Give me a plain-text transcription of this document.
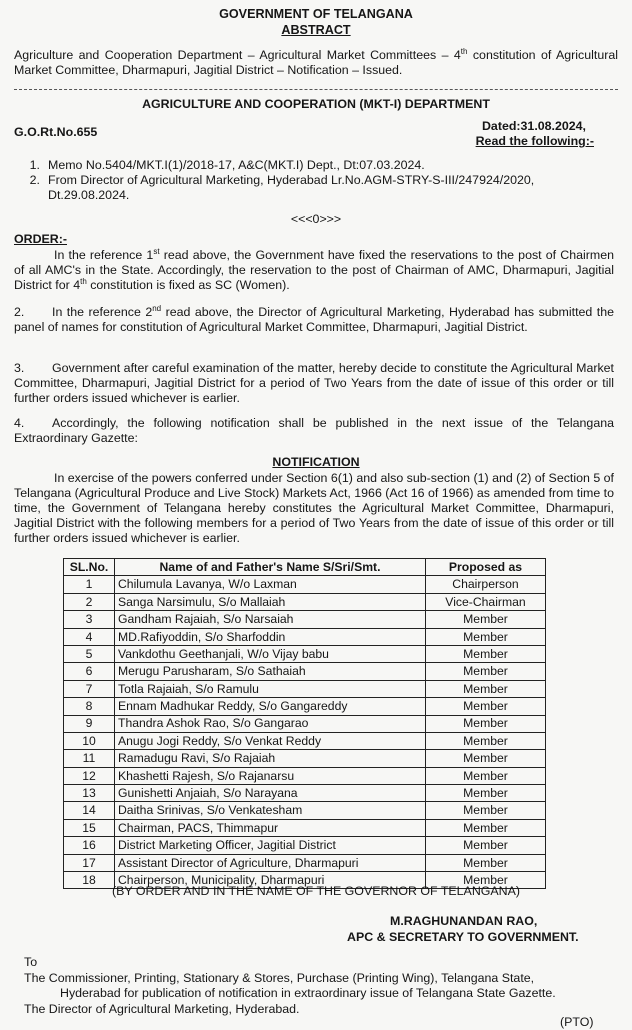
GOVERNMENT OF TELANGANA
ABSTRACT
Agriculture and Cooperation Department – Agricultural Market Committees – 4th constitution of Agricultural Market Committee, Dharmapuri, Jagitial District – Notification – Issued.
AGRICULTURE AND COOPERATION (MKT-I) DEPARTMENT
G.O.Rt.No.655	Dated:31.08.2024,
Read the following:-
1. Memo No.5404/MKT.I(1)/2018-17, A&C(MKT.I) Dept., Dt:07.03.2024.
2. From Director of Agricultural Marketing, Hyderabad Lr.No.AGM-STRY-S-III/247924/2020, Dt.29.08.2024.
<<<0>>>
ORDER:-
In the reference 1st read above, the Government have fixed the reservations to the post of Chairmen of all AMC's in the State. Accordingly, the reservation to the post of Chairman of AMC, Dharmapuri, Jagitial District for 4th constitution is fixed as SC (Women).
2. In the reference 2nd read above, the Director of Agricultural Marketing, Hyderabad has submitted the panel of names for constitution of Agricultural Market Committee, Dharmapuri, Jagitial District.
3. Government after careful examination of the matter, hereby decide to constitute the Agricultural Market Committee, Dharmapuri, Jagitial District for a period of Two Years from the date of issue of this order or till further orders issued whichever is earlier.
4. Accordingly, the following notification shall be published in the next issue of the Telangana Extraordinary Gazette:
NOTIFICATION
In exercise of the powers conferred under Section 6(1) and also sub-section (1) and (2) of Section 5 of Telangana (Agricultural Produce and Live Stock) Markets Act, 1966 (Act 16 of 1966) as amended from time to time, the Government of Telangana hereby constitutes the Agricultural Market Committee, Dharmapuri, Jagitial District with the following members for a period of Two Years from the date of issue of this order or till further orders issued whichever is earlier.
SL.No.	Name of and Father's Name S/Sri/Smt.	Proposed as
1	Chilumula Lavanya, W/o Laxman	Chairperson
2	Sanga Narsimulu, S/o Mallaiah	Vice-Chairman
3	Gandham Rajaiah, S/o Narsaiah	Member
4	MD.Rafiyoddin, S/o Sharfoddin	Member
5	Vankdothu Geethanjali, W/o Vijay babu	Member
6	Merugu Parusharam, S/o Sathaiah	Member
7	Totla Rajaiah, S/o Ramulu	Member
8	Ennam Madhukar Reddy, S/o Gangareddy	Member
9	Thandra Ashok Rao, S/o Gangarao	Member
10	Anugu Jogi Reddy, S/o Venkat Reddy	Member
11	Ramadugu Ravi, S/o Rajaiah	Member
12	Khashetti Rajesh, S/o Rajanarsu	Member
13	Gunishetti Anjaiah, S/o Narayana	Member
14	Daitha Srinivas, S/o Venkatesham	Member
15	Chairman, PACS, Thimmapur	Member
16	District Marketing Officer, Jagitial District	Member
17	Assistant Director of Agriculture, Dharmapuri	Member
18	Chairperson, Municipality, Dharmapuri	Member
(BY ORDER AND IN THE NAME OF THE GOVERNOR OF TELANGANA)
M.RAGHUNANDAN RAO,
APC & SECRETARY TO GOVERNMENT.
To
The Commissioner, Printing, Stationary & Stores, Purchase (Printing Wing), Telangana State,
Hyderabad for publication of notification in extraordinary issue of Telangana State Gazette.
The Director of Agricultural Marketing, Hyderabad.
(PTO)
